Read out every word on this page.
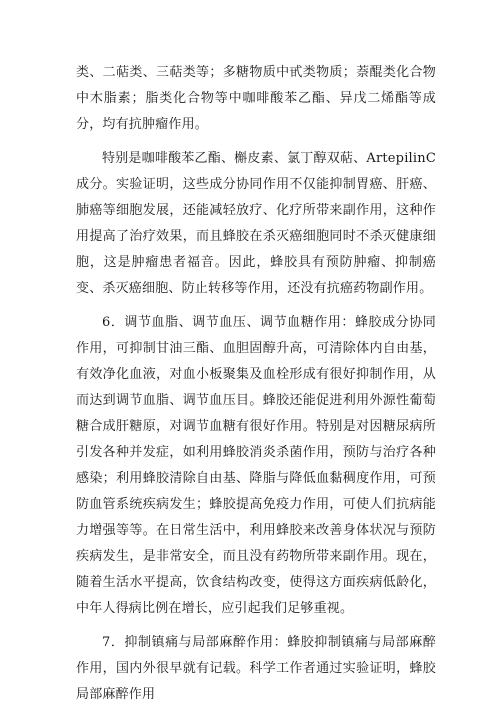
类、二萜类、三萜类等；多糖物质中甙类物质；萘醌类化合物中木脂素；脂类化合物等中咖啡酸苯乙酯、异戊二烯酯等成分，均有抗肿瘤作用。

特别是咖啡酸苯乙酯、槲皮素、氯丁醇双萜、ArtepilinC成分。实验证明，这些成分协同作用不仅能抑制胃癌、肝癌、肺癌等细胞发展，还能减轻放疗、化疗所带来副作用，这种作用提高了治疗效果，而且蜂胶在杀灭癌细胞同时不杀灭健康细胞，这是肿瘤患者福音。因此，蜂胶具有预防肿瘤、抑制癌变、杀灭癌细胞、防止转移等作用，还没有抗癌药物副作用。

6．调节血脂、调节血压、调节血糖作用：蜂胶成分协同作用，可抑制甘油三酯、血胆固醇升高，可清除体内自由基，有效净化血液，对血小板聚集及血栓形成有很好抑制作用，从而达到调节血脂、调节血压目。蜂胶还能促进利用外源性葡萄糖合成肝糖原，对调节血糖有很好作用。特别是对因糖尿病所引发各种并发症，如利用蜂胶消炎杀菌作用，预防与治疗各种感染；利用蜂胶清除自由基、降脂与降低血黏稠度作用，可预防血管系统疾病发生；蜂胶提高免疫力作用，可使人们抗病能力增强等等。在日常生活中，利用蜂胶来改善身体状况与预防疾病发生，是非常安全，而且没有药物所带来副作用。现在，随着生活水平提高，饮食结构改变，使得这方面疾病低龄化，中年人得病比例在增长，应引起我们足够重视。

7．抑制镇痛与局部麻醉作用：蜂胶抑制镇痛与局部麻醉作用，国内外很早就有记载。科学工作者通过实验证明，蜂胶局部麻醉作用
